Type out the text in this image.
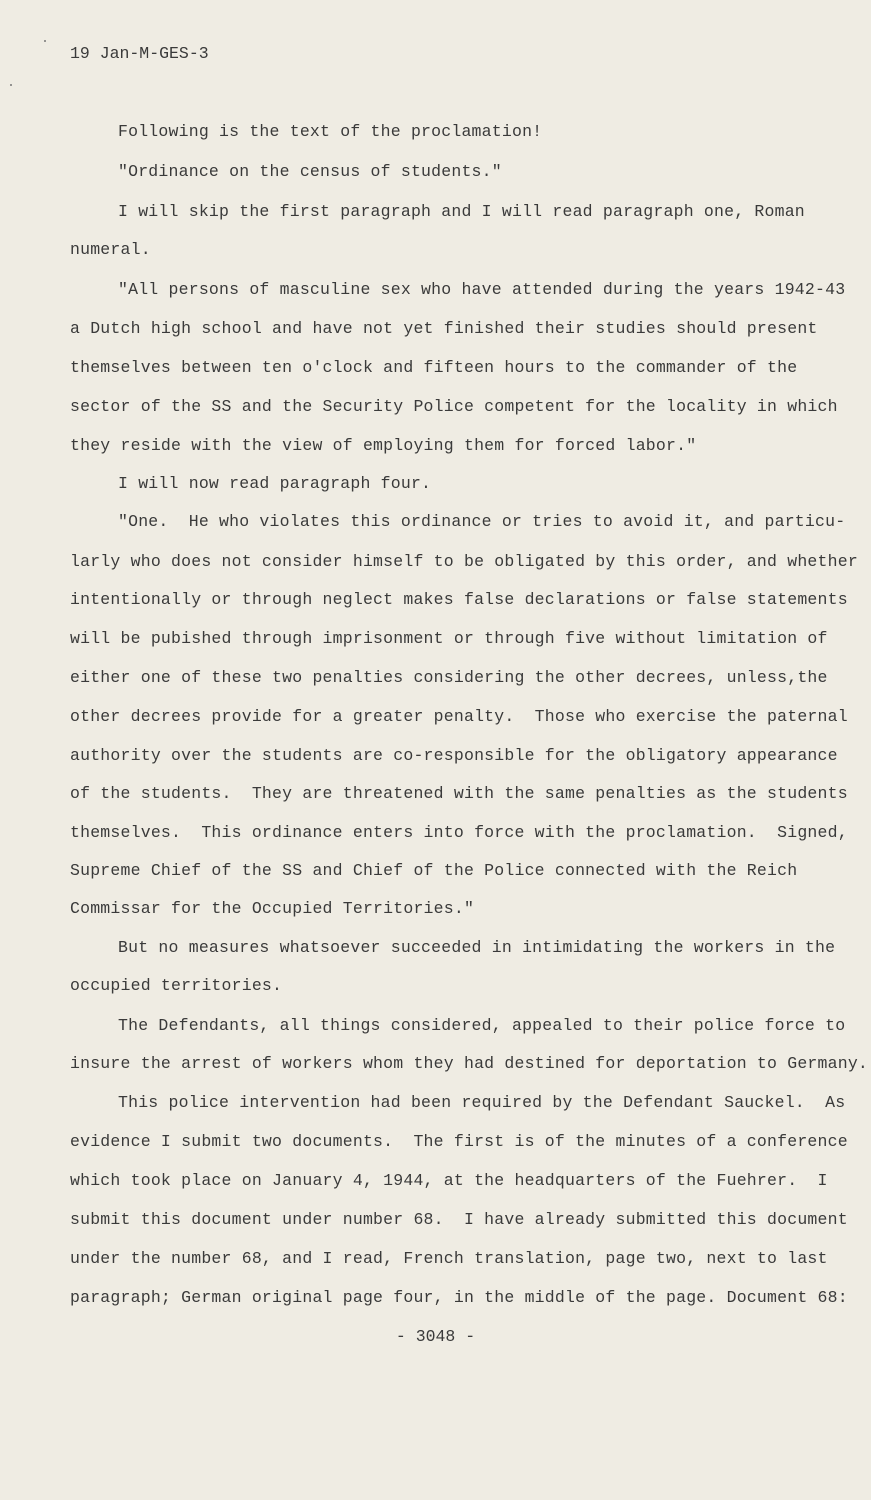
19 Jan-M-GES-3
Following is the text of the proclamation!
"Ordinance on the census of students."
I will skip the first paragraph and I will read paragraph one, Roman
numeral.
"All persons of masculine sex who have attended during the years 1942-43
a Dutch high school and have not yet finished their studies should present
themselves between ten o'clock and fifteen hours to the commander of the
sector of the SS and the Security Police competent for the locality in which
they reside with the view of employing them for forced labor."
I will now read paragraph four.
"One.  He who violates this ordinance or tries to avoid it, and particu-
larly who does not consider himself to be obligated by this order, and whether
intentionally or through neglect makes false declarations or false statements
will be pubished through imprisonment or through five without limitation of
either one of these two penalties considering the other decrees, unless,the
other decrees provide for a greater penalty.  Those who exercise the paternal
authority over the students are co-responsible for the obligatory appearance
of the students.  They are threatened with the same penalties as the students
themselves.  This ordinance enters into force with the proclamation.  Signed,
Supreme Chief of the SS and Chief of the Police connected with the Reich
Commissar for the Occupied Territories."
But no measures whatsoever succeeded in intimidating the workers in the
occupied territories.
The Defendants, all things considered, appealed to their police force to
insure the arrest of workers whom they had destined for deportation to Germany.
This police intervention had been required by the Defendant Sauckel.  As
evidence I submit two documents.  The first is of the minutes of a conference
which took place on January 4, 1944, at the headquarters of the Fuehrer.  I
submit this document under number 68.  I have already submitted this document
under the number 68, and I read, French translation, page two, next to last
paragraph; German original page four, in the middle of the page. Document 68:
- 3048 -
